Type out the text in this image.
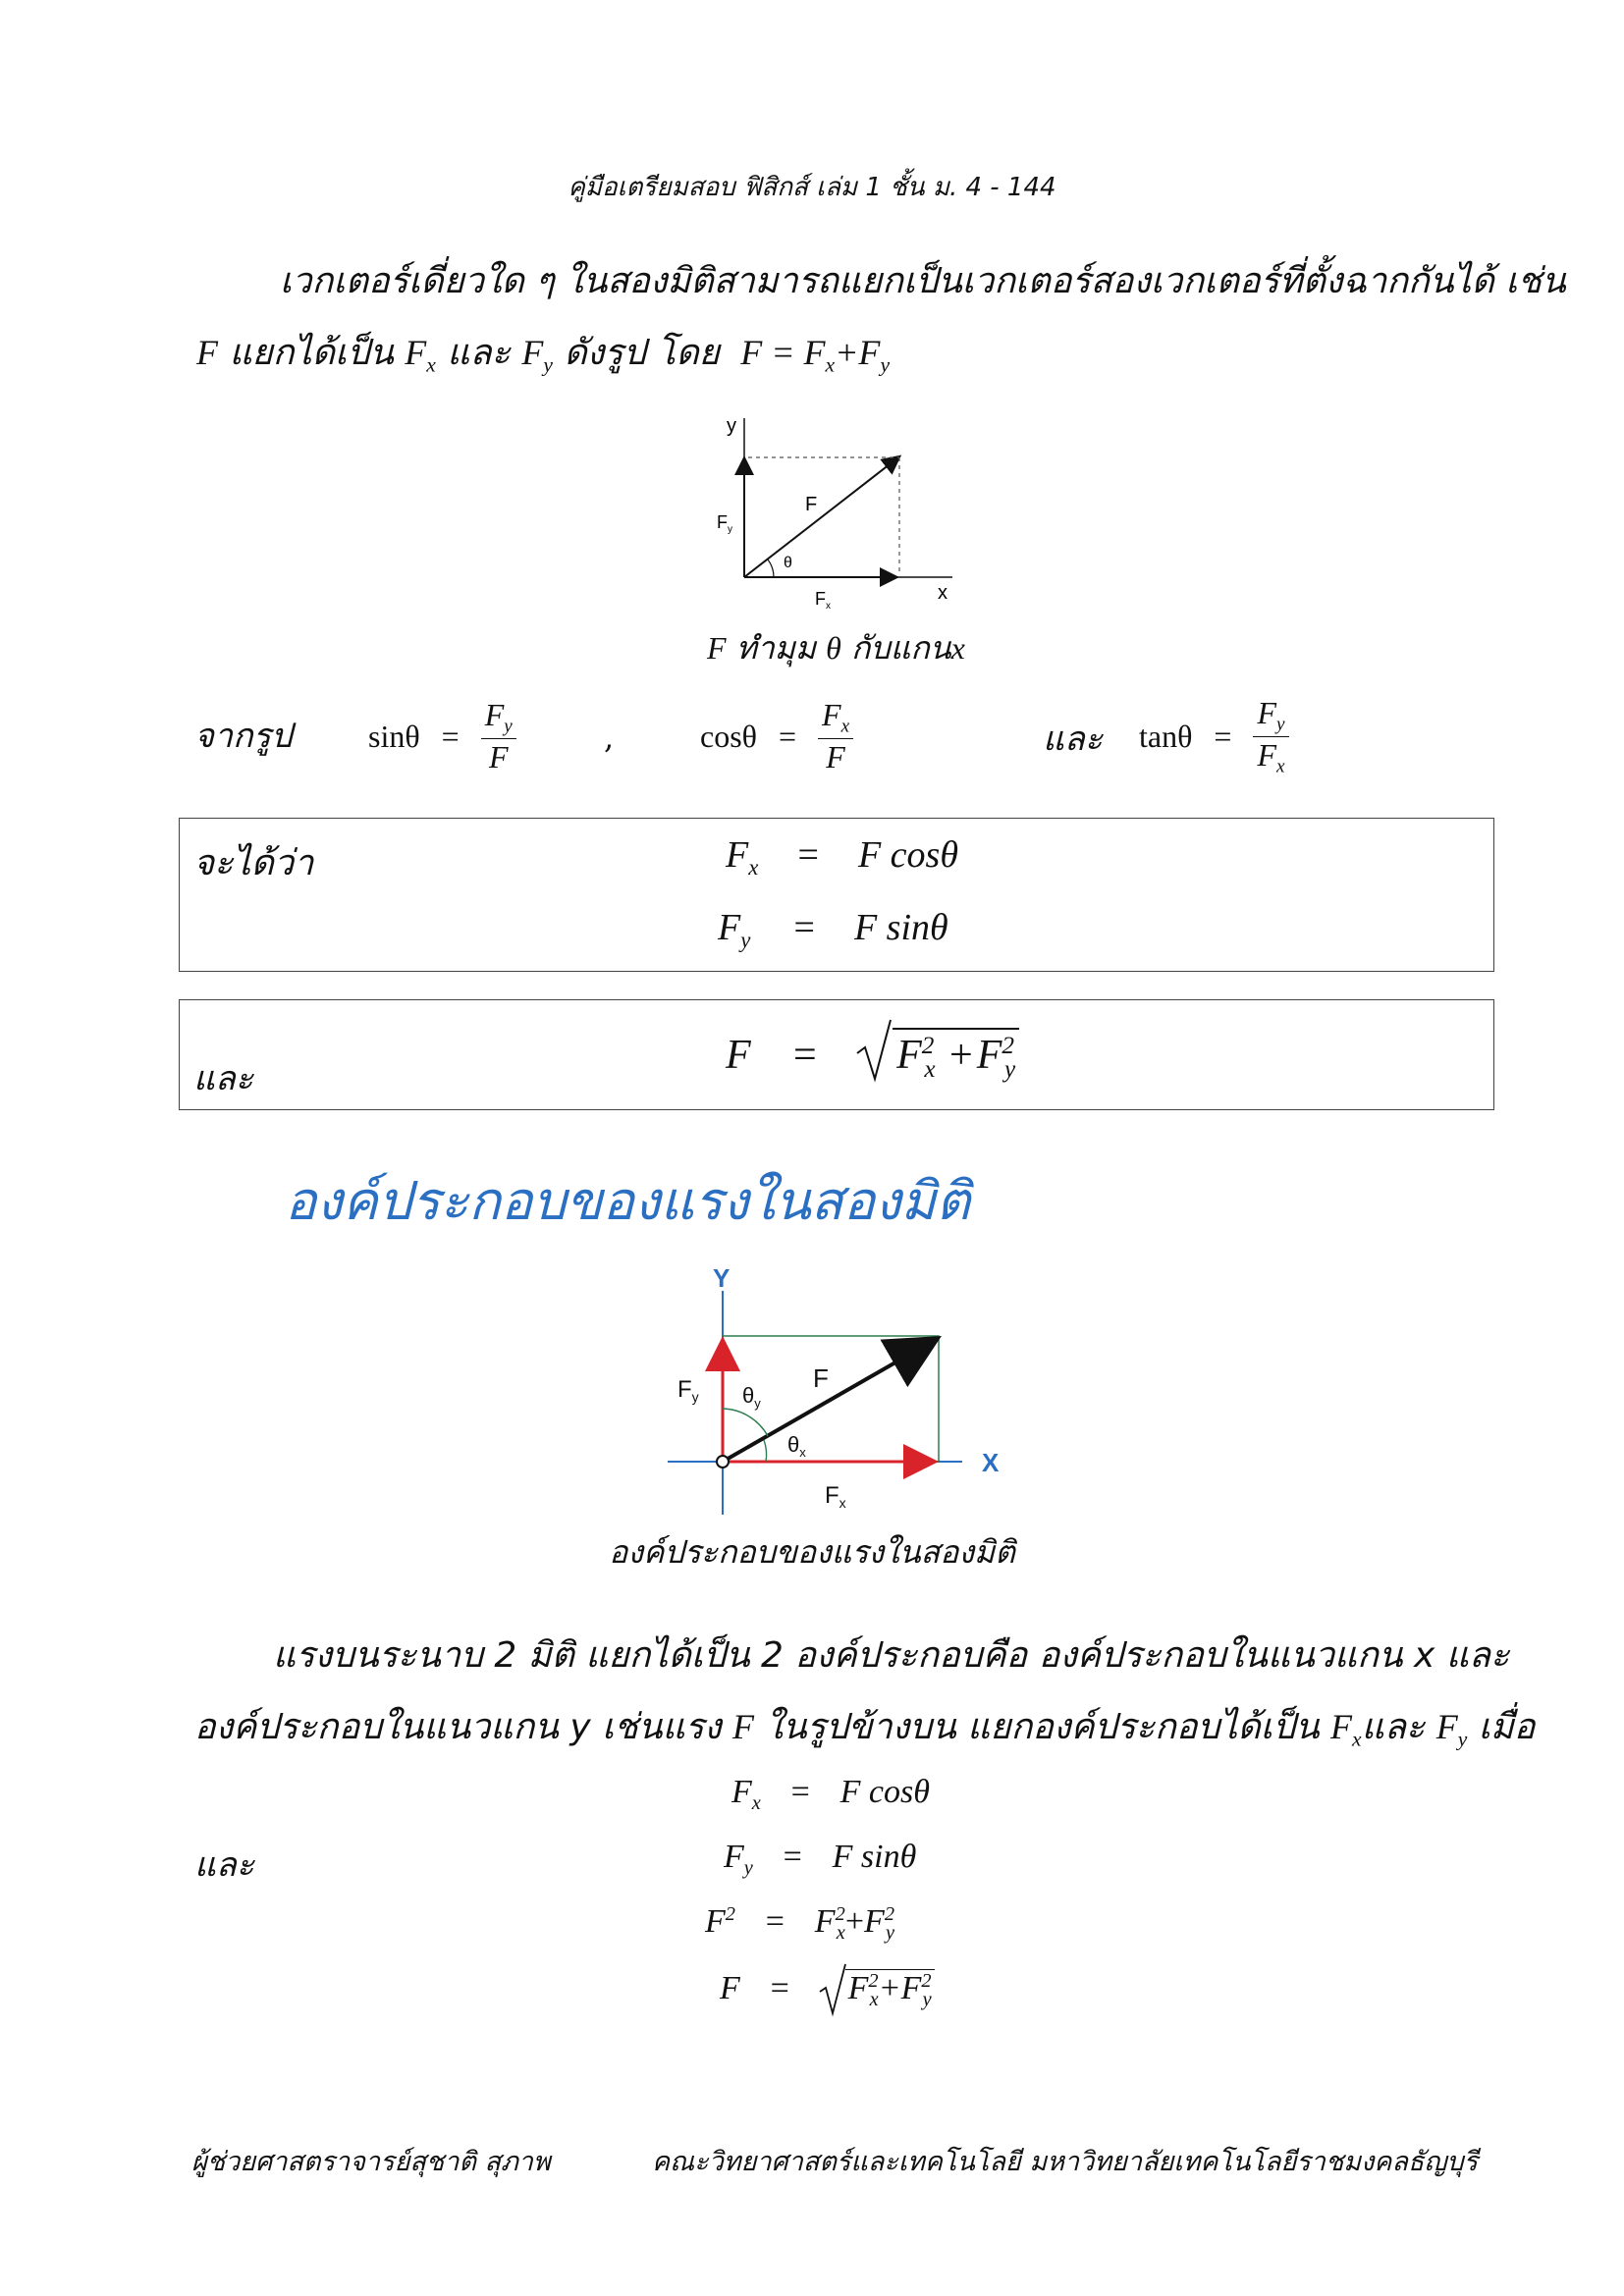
คู่มือเตรียมสอบ ฟิสิกส์ เล่ม 1 ชั้น ม. 4 - 144
เวกเตอร์เดี่ยวใด ๆ ในสองมิติสามารถแยกเป็นเวกเตอร์สองเวกเตอร์ที่ตั้งฉากกันได้ เช่น
F แยกได้เป็น $F_x$ และ $F_y$ ดังรูป โดย $F = F_x+F_y$
y
x
F
θ
$F_y$
$F_x$
F ทำมุม θ กับแกนx
จากรูป $\sin\theta = \frac{F_y}{F}$	,	$\cos\theta = \frac{F_x}{F}$	และ $\tan\theta = \frac{F_y}{F_x}$
จะได้ว่า	$F_x = F$ cosθ
$F_y = F$ sinθ
และ
$F = F^2_x +F^2_y$
องค์ประกอบของแรงในสองมิติ
Y
X
F
$F_y$
$F_x$
$\theta_y$
$\theta_x$
องค์ประกอบของแรงในสองมิติ
แรงบนระนาบ 2 มิติ แยกได้เป็น 2 องค์ประกอบคือ องค์ประกอบในแนวแกน x และ
องค์ประกอบในแนวแกน y เช่นแรง F ในรูปข้างบน แยกองค์ประกอบได้เป็น $F_x$และ $F_y$ เมื่อ
และ
$F_x = F$ cosθ
$F_y = F$ sinθ
$F^2 = F^2_x+F^2_y$
$F = F^2_x+F^2_y$
ผู้ช่วยศาสตราจารย์สุชาติ สุภาพ	คณะวิทยาศาสตร์และเทคโนโลยี มหาวิทยาลัยเทคโนโลยีราชมงคลธัญบุรี
